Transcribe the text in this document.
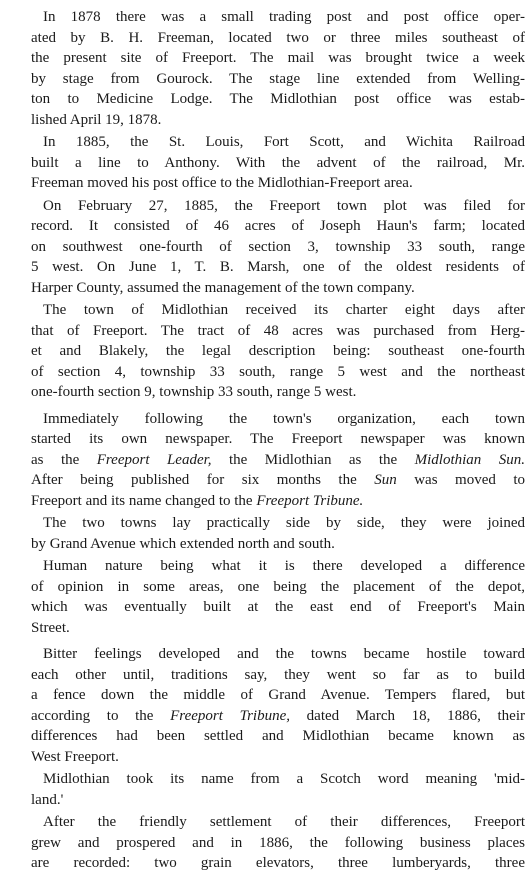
In 1878 there was a small trading post and post office oper-
ated by B. H. Freeman, located two or three miles southeast of
the present site of Freeport. The mail was brought twice a week
by stage from Gourock. The stage line extended from Welling-
ton to Medicine Lodge. The Midlothian post office was estab-
lished April 19, 1878.
In 1885, the St. Louis, Fort Scott, and Wichita Railroad
built a line to Anthony. With the advent of the railroad, Mr.
Freeman moved his post office to the Midlothian-Freeport area.
On February 27, 1885, the Freeport town plot was filed for
record. It consisted of 46 acres of Joseph Haun's farm; located
on southwest one-fourth of section 3, township 33 south, range
5 west. On June 1, T. B. Marsh, one of the oldest residents of
Harper County, assumed the management of the town company.
The town of Midlothian received its charter eight days after
that of Freeport. The tract of 48 acres was purchased from Herg-
et and Blakely, the legal description being: southeast one-fourth
of section 4, township 33 south, range 5 west and the northeast
one-fourth section 9, township 33 south, range 5 west.
Immediately following the town's organization, each town
started its own newspaper. The Freeport newspaper was known
as the Freeport Leader, the Midlothian as the Midlothian Sun.
After being published for six months the Sun was moved to
Freeport and its name changed to the Freeport Tribune.
The two towns lay practically side by side, they were joined
by Grand Avenue which extended north and south.
Human nature being what it is there developed a difference
of opinion in some areas, one being the placement of the depot,
which was eventually built at the east end of Freeport's Main
Street.
Bitter feelings developed and the towns became hostile toward
each other until, traditions say, they went so far as to build
a fence down the middle of Grand Avenue. Tempers flared, but
according to the Freeport Tribune, dated March 18, 1886, their
differences had been settled and Midlothian became known as
West Freeport.
Midlothian took its name from a Scotch word meaning 'mid-
land.'
After the friendly settlement of their differences, Freeport
grew and prospered and in 1886, the following business places
are recorded: two grain elevators, three lumberyards, three
